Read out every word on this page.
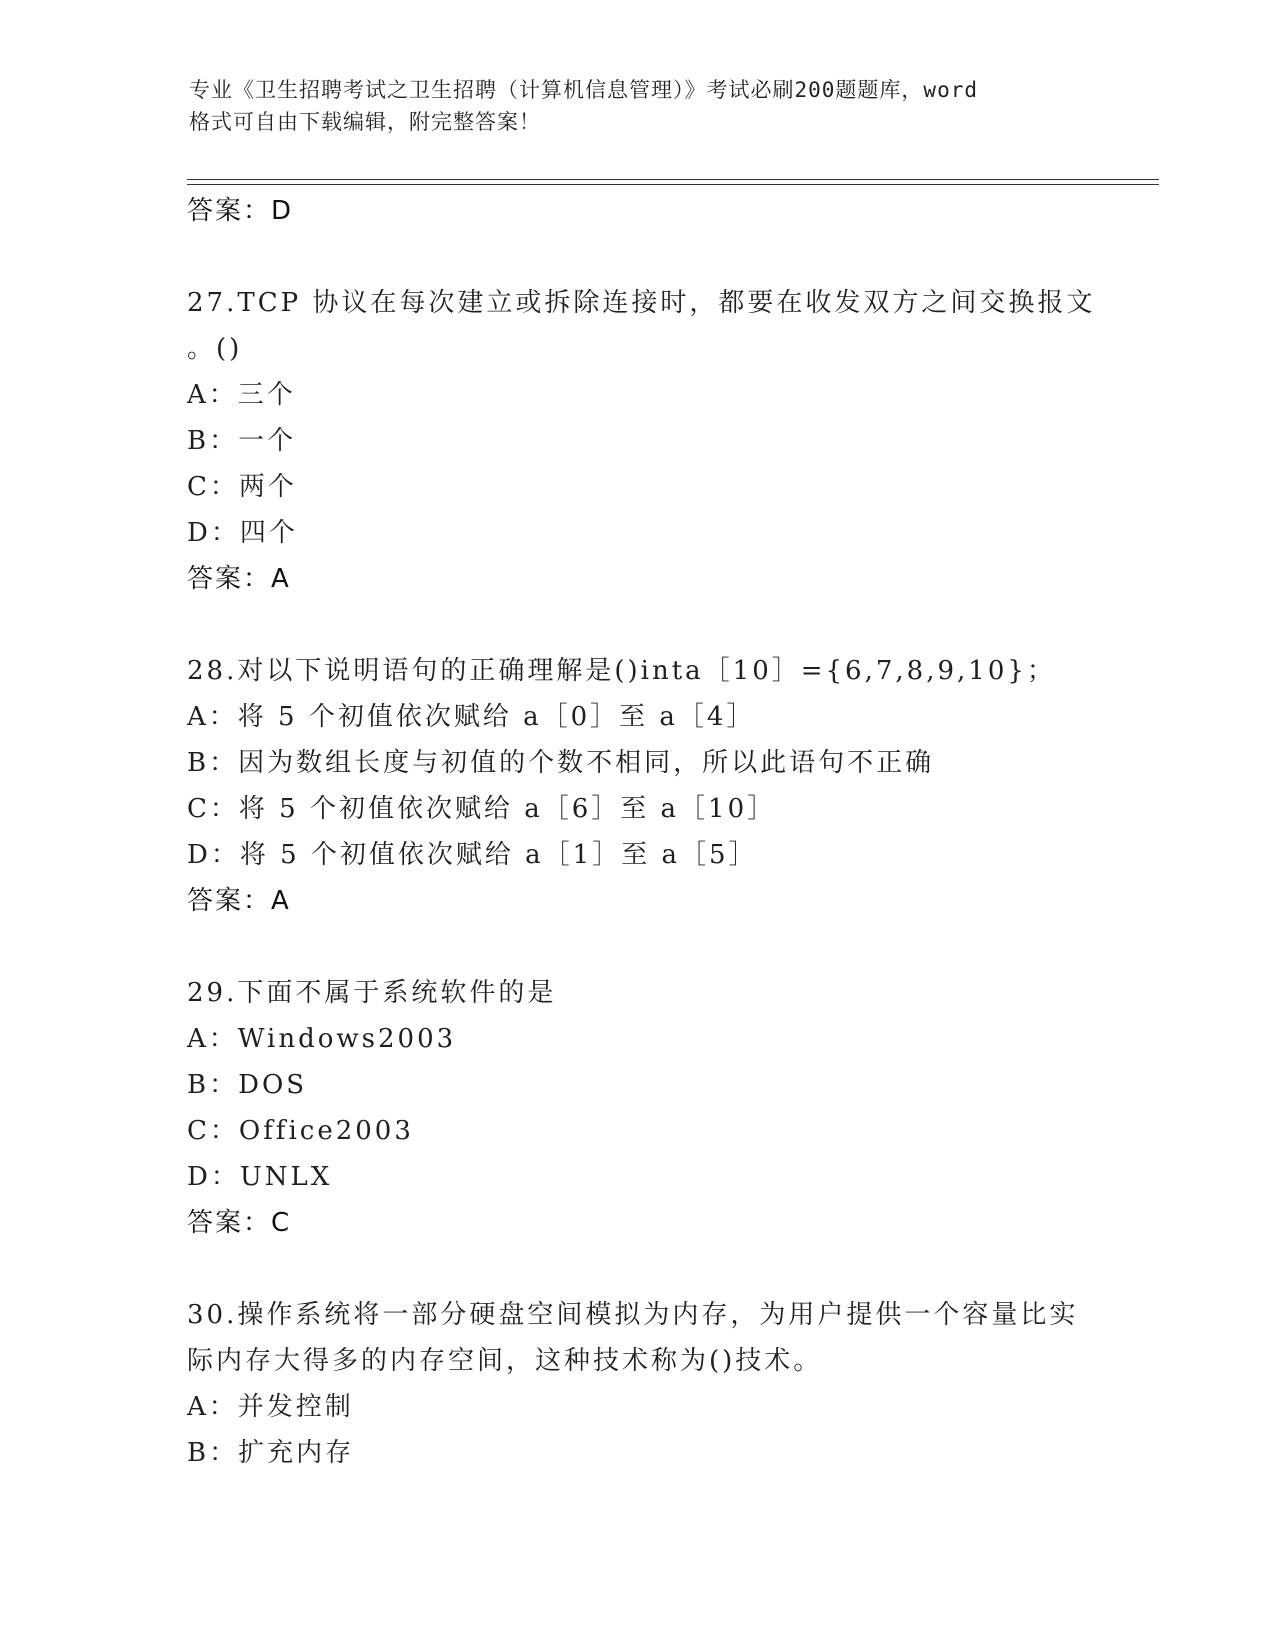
专业《卫生招聘考试之卫生招聘（计算机信息管理）》考试必刷200题题库，word
格式可自由下载编辑，附完整答案！
答案：D
27.TCP 协议在每次建立或拆除连接时，都要在收发双方之间交换报文
。()
A：三个
B：一个
C：两个
D：四个
答案：A
28.对以下说明语句的正确理解是()inta［10］={6,7,8,9,10}；
A：将 5 个初值依次赋给 a［0］至 a［4］
B：因为数组长度与初值的个数不相同，所以此语句不正确
C：将 5 个初值依次赋给 a［6］至 a［10］
D：将 5 个初值依次赋给 a［1］至 a［5］
答案：A
29.下面不属于系统软件的是
A：Windows2003
B：DOS
C：Office2003
D：UNLX
答案：C
30.操作系统将一部分硬盘空间模拟为内存，为用户提供一个容量比实
际内存大得多的内存空间，这种技术称为()技术。
A：并发控制
B：扩充内存
